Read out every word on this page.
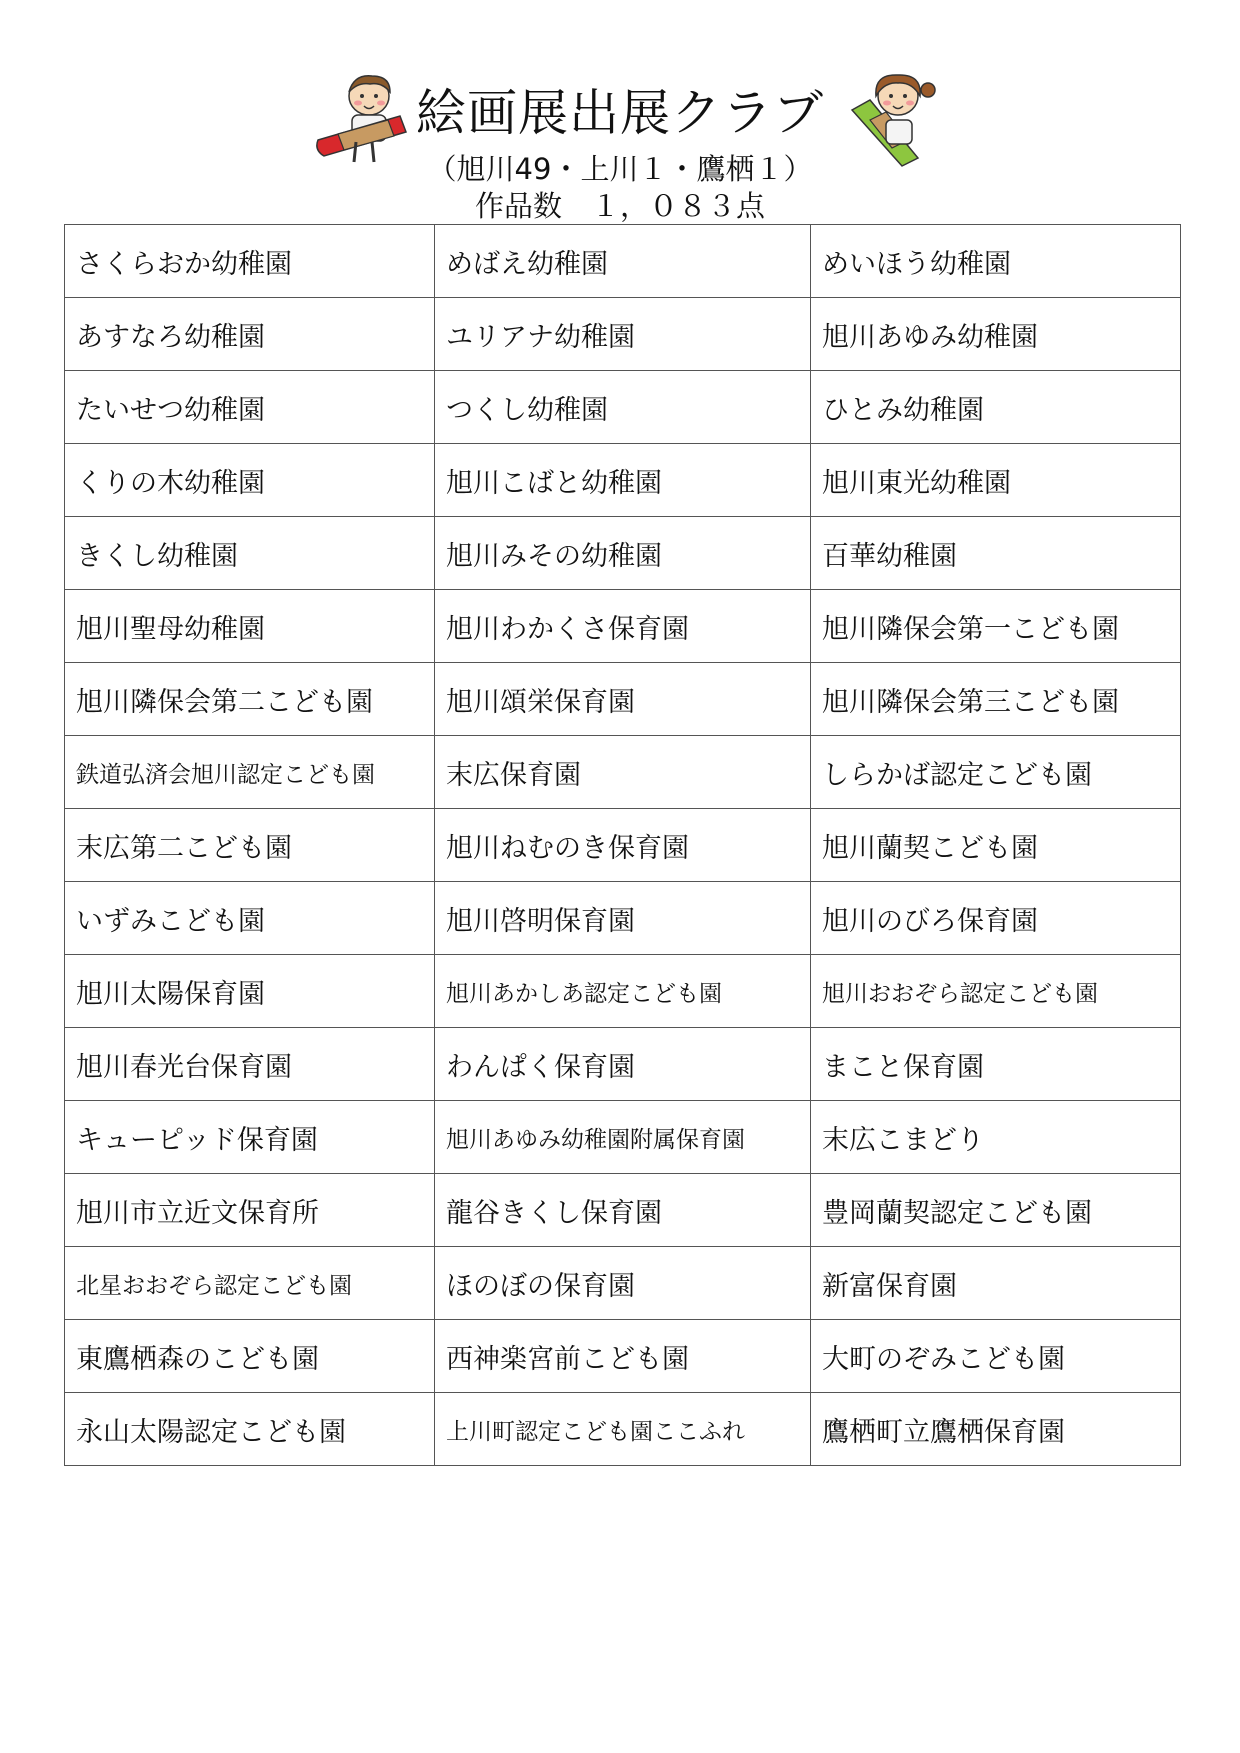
絵画展出展クラブ
（旭川49・上川１・鷹栖１）
作品数　１，０８３点
さくらおか幼稚園	めばえ幼稚園	めいほう幼稚園
あすなろ幼稚園	ユリアナ幼稚園	旭川あゆみ幼稚園
たいせつ幼稚園	つくし幼稚園	ひとみ幼稚園
くりの木幼稚園	旭川こばと幼稚園	旭川東光幼稚園
きくし幼稚園	旭川みその幼稚園	百華幼稚園
旭川聖母幼稚園	旭川わかくさ保育園	旭川隣保会第一こども園
旭川隣保会第二こども園	旭川頌栄保育園	旭川隣保会第三こども園
鉄道弘済会旭川認定こども園	末広保育園	しらかば認定こども園
末広第二こども園	旭川ねむのき保育園	旭川蘭契こども園
いずみこども園	旭川啓明保育園	旭川のびろ保育園
旭川太陽保育園	旭川あかしあ認定こども園	旭川おおぞら認定こども園
旭川春光台保育園	わんぱく保育園	まこと保育園
キューピッド保育園	旭川あゆみ幼稚園附属保育園	末広こまどり
旭川市立近文保育所	龍谷きくし保育園	豊岡蘭契認定こども園
北星おおぞら認定こども園	ほのぼの保育園	新富保育園
東鷹栖森のこども園	西神楽宮前こども園	大町のぞみこども園
永山太陽認定こども園	上川町認定こども園ここふれ	鷹栖町立鷹栖保育園
